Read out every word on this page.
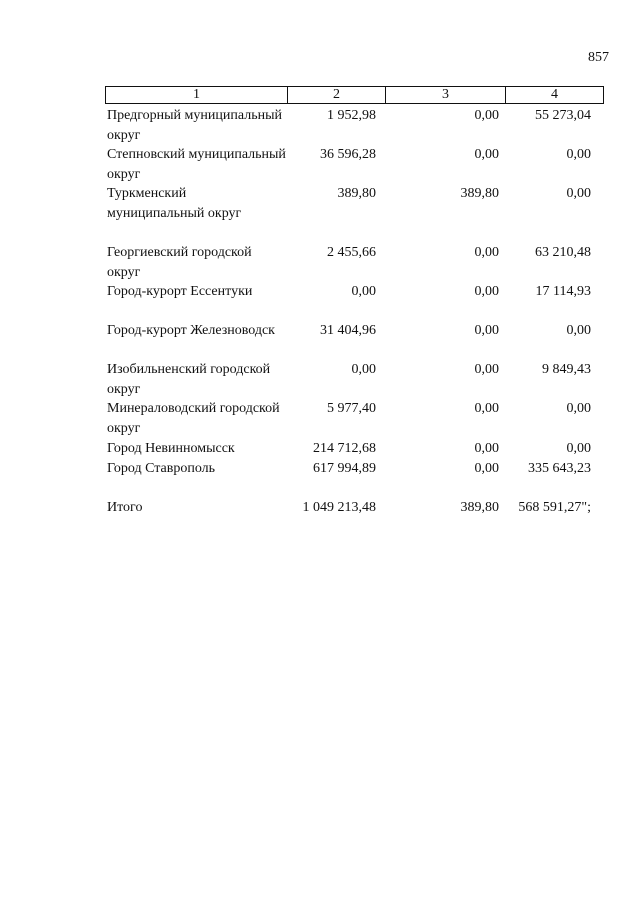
857
1	2	3	4
Предгорный муниципальный округ
1 952,98	0,00	55 273,04
Степновский муниципальный округ
36 596,28	0,00	0,00
Туркменский муниципальный округ
389,80	389,80	0,00
Георгиевский городской округ
2 455,66	0,00	63 210,48
Город-курорт Ессентуки	0,00	0,00	17 114,93
Город-курорт Железноводск	31 404,96	0,00	0,00
Изобильненский городской округ
0,00	0,00	9 849,43
Минераловодский городской округ
5 977,40	0,00	0,00
Город Невинномысск	214 712,68	0,00	0,00
Город Ставрополь	617 994,89	0,00	335 643,23
Итого	1 049 213,48	389,80	568 591,27";
